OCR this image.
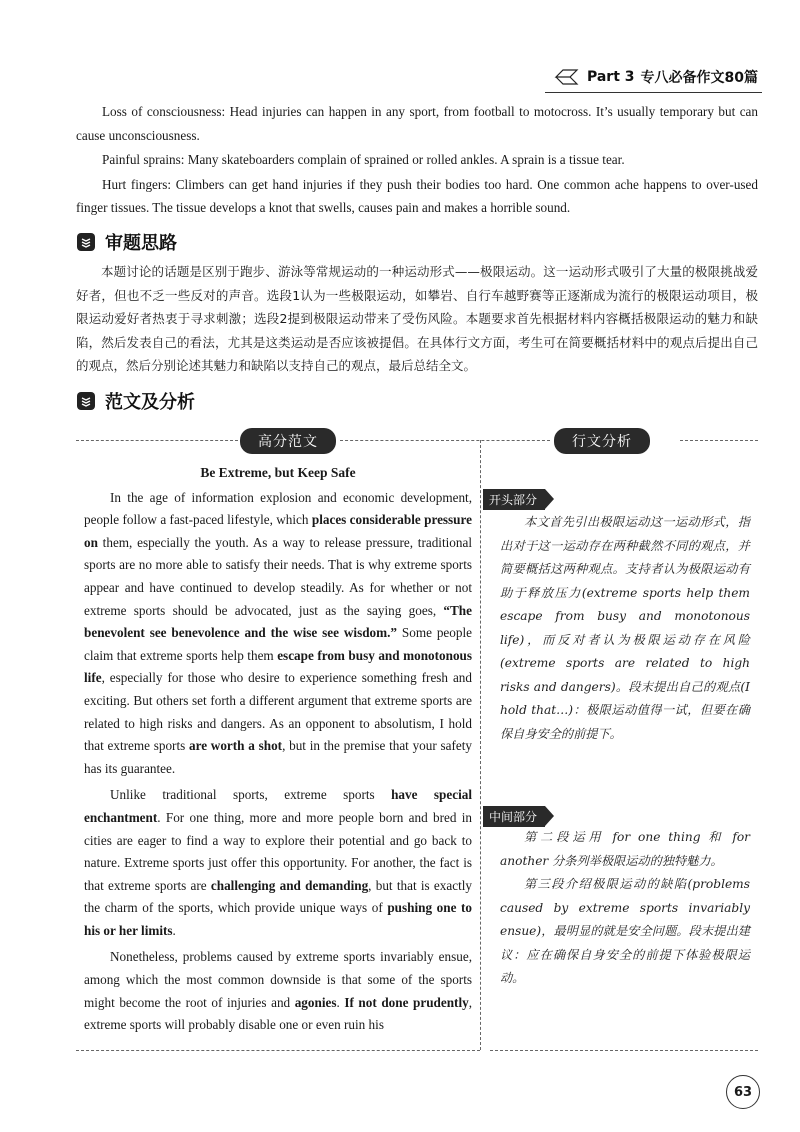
Part 3 专八必备作文80篇

Loss of consciousness: Head injuries can happen in any sport, from football to motocross. It’s usually temporary but can cause unconsciousness.

Painful sprains: Many skateboarders complain of sprained or rolled ankles. A sprain is a tissue tear.

Hurt fingers: Climbers can get hand injuries if they push their bodies too hard. One common ache happens to over-used finger tissues. The tissue develops a knot that swells, causes pain and makes a horrible sound.

审题思路

本题讨论的话题是区别于跑步、游泳等常规运动的一种运动形式——极限运动。这一运动形式吸引了大量的极限挑战爱好者，但也不乏一些反对的声音。选段1认为一些极限运动，如攀岩、自行车越野赛等正逐渐成为流行的极限运动项目，极限运动爱好者热衷于寻求刺激；选段2提到极限运动带来了受伤风险。本题要求首先根据材料内容概括极限运动的魅力和缺陷，然后发表自己的看法，尤其是这类运动是否应该被提倡。在具体行文方面，考生可在简要概括材料中的观点后提出自己的观点，然后分别论述其魅力和缺陷以支持自己的观点，最后总结全文。

范文及分析
高分范文	行文分析
Be Extreme, but Keep Safe

In the age of information explosion and economic development, people follow a fast-paced lifestyle, which places considerable pressure on them, especially the youth. As a way to release pressure, traditional sports are no more able to satisfy their needs. That is why extreme sports appear and have continued to develop steadily. As for whether or not extreme sports should be advocated, just as the saying goes, “The benevolent see benevolence and the wise see wisdom.” Some people claim that extreme sports help them escape from busy and monotonous life, especially for those who desire to experience something fresh and exciting. But others set forth a different argument that extreme sports are related to high risks and dangers. As an opponent to absolutism, I hold that extreme sports are worth a shot, but in the premise that your safety has its guarantee.

Unlike traditional sports, extreme sports have special enchantment. For one thing, more and more people born and bred in cities are eager to find a way to explore their potential and go back to nature. Extreme sports just offer this opportunity. For another, the fact is that extreme sports are challenging and demanding, but that is exactly the charm of the sports, which provide unique ways of pushing one to his or her limits.

Nonetheless, problems caused by extreme sports invariably ensue, among which the most common downside is that some of the sports might become the root of injuries and agonies. If not done prudently, extreme sports will probably disable one or even ruin his

开头部分

本文首先引出极限运动这一运动形式，指出对于这一运动存在两种截然不同的观点，并简要概括这两种观点。支持者认为极限运动有助于释放压力(extreme sports help them escape from busy and monotonous life)，而反对者认为极限运动存在风险(extreme sports are related to high risks and dangers)。段末提出自己的观点(I hold that…)：极限运动值得一试，但要在确保自身安全的前提下。

中间部分

第二段运用 for one thing 和 for another 分条列举极限运动的独特魅力。

第三段介绍极限运动的缺陷(problems caused by extreme sports invariably ensue)，最明显的就是安全问题。段末提出建议：应在确保自身安全的前提下体验极限运动。

63
